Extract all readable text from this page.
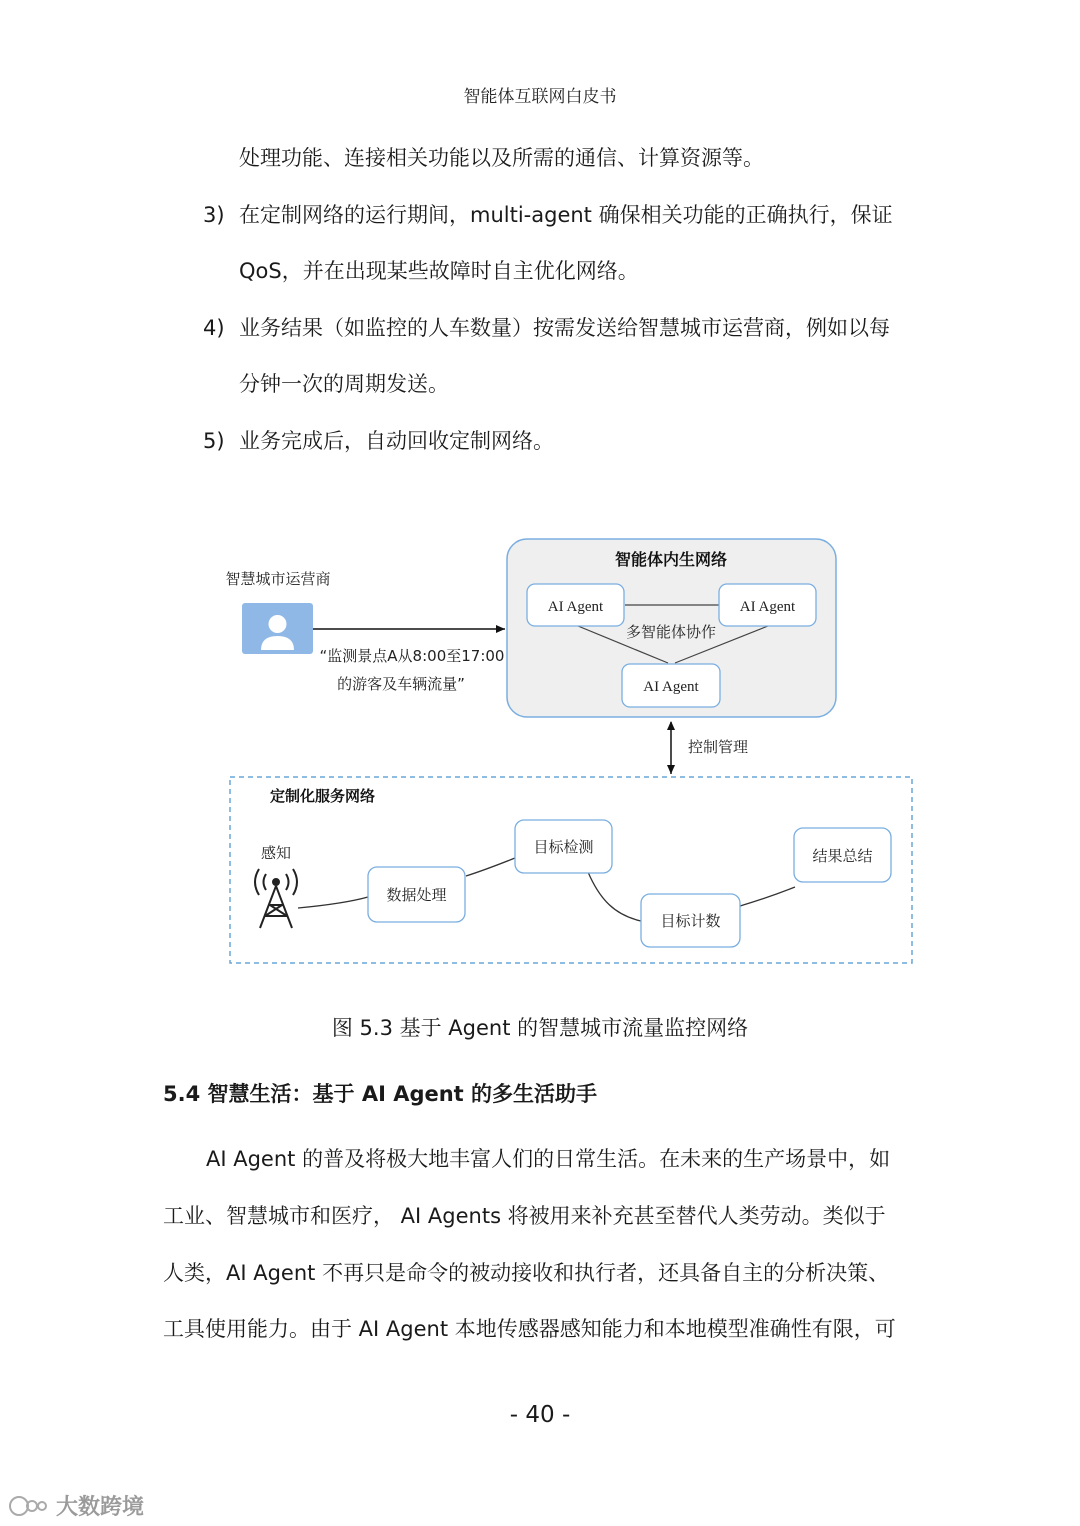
智能体互联网白皮书
处理功能、连接相关功能以及所需的通信、计算资源等。
3) 在定制网络的运行期间，multi-agent 确保相关功能的正确执行，保证
QoS，并在出现某些故障时自主优化网络。
4) 业务结果（如监控的人车数量）按需发送给智慧城市运营商，例如以每
分钟一次的周期发送。
5) 业务完成后，自动回收定制网络。
智慧城市运营商
“监测景点A从8:00至17:00
的游客及车辆流量”
智能体内生网络
AI Agent	AI Agent
多智能体协作
AI Agent
控制管理
定制化服务网络
感知
数据处理
目标检测
目标计数
结果总结
图 5.3 基于 Agent 的智慧城市流量监控网络
5.4 智慧生活：基于 AI Agent 的多生活助手
AI Agent 的普及将极大地丰富人们的日常生活。在未来的生产场景中，如
工业、智慧城市和医疗， AI Agents 将被用来补充甚至替代人类劳动。类似于
人类，AI Agent 不再只是命令的被动接收和执行者，还具备自主的分析决策、
工具使用能力。由于 AI Agent 本地传感器感知能力和本地模型准确性有限，可
- 40 -
大数跨境
